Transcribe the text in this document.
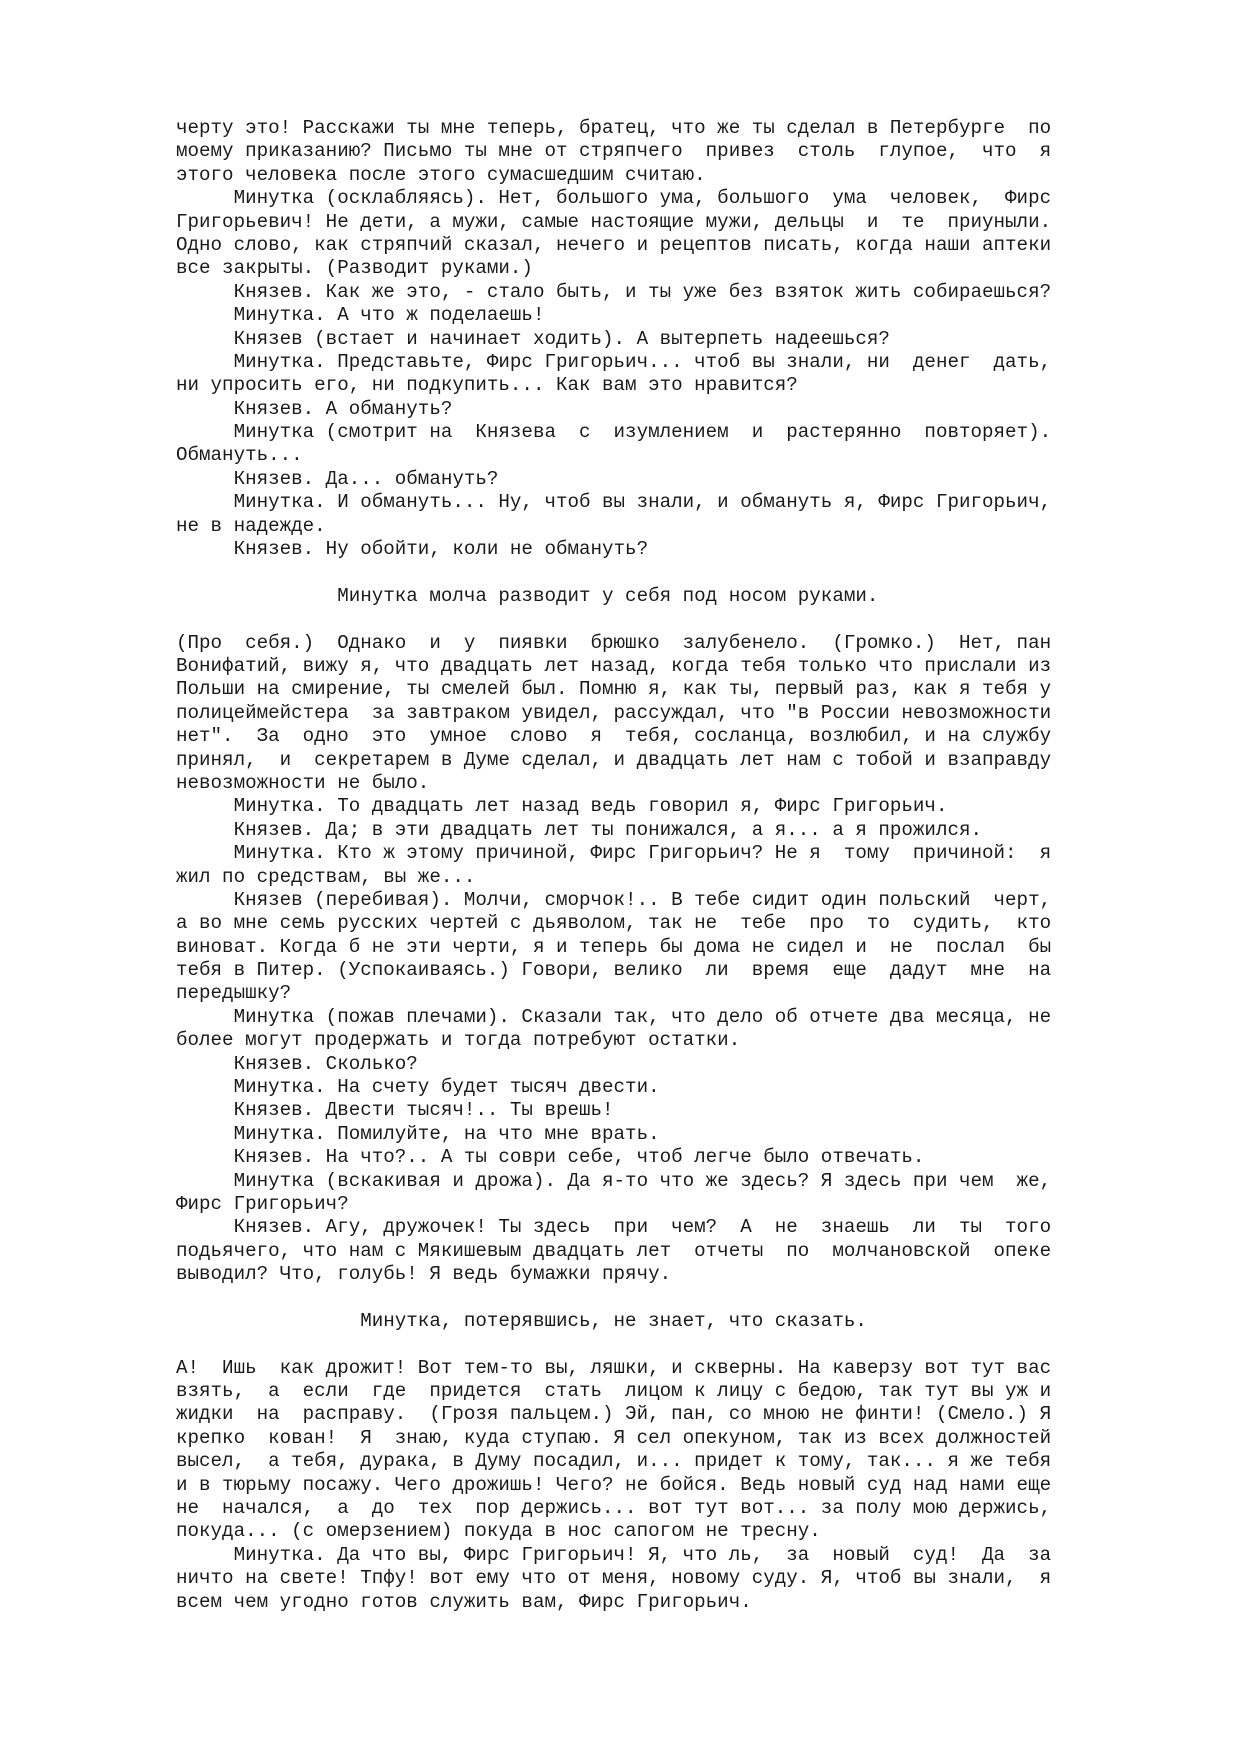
черту это! Расскажи ты мне теперь, братец, что же ты сделал в Петербурге  по
моему приказанию? Письмо ты мне от стряпчего  привез  столь  глупое,  что  я
этого человека после этого сумасшедшим считаю.
Минутка (осклабляясь). Нет, большого ума, большого  ума  человек,  Фирс
Григорьевич! Не дети, а мужи, самые настоящие мужи, дельцы  и  те  приуныли.
Одно слово, как стряпчий сказал, нечего и рецептов писать, когда наши аптеки
все закрыты. (Разводит руками.)
Князев. Как же это, - стало быть, и ты уже без взяток жить собираешься?
Минутка. А что ж поделаешь!
Князев (встает и начинает ходить). А вытерпеть надеешься?
Минутка. Представьте, Фирс Григорьич... чтоб вы знали, ни  денег  дать,
ни упросить его, ни подкупить... Как вам это нравится?
Князев. А обмануть?
Минутка (смотрит на  Князева  с  изумлением  и  растерянно  повторяет).
Обмануть...
Князев. Да... обмануть?
Минутка. И обмануть... Ну, чтоб вы знали, и обмануть я, Фирс Григорьич,
не в надежде.
Князев. Ну обойти, коли не обмануть?
Минутка молча разводит у себя под носом руками.
(Про  себя.)  Однако  и  у  пиявки  брюшко  залубенело.  (Громко.)  Нет, пан
Вонифатий, вижу я, что двадцать лет назад, когда тебя только что прислали из
Польши на смирение, ты смелей был. Помню я, как ты, первый раз, как я тебя у
полицеймейстера  за завтраком увидел, рассуждал, что "в России невозможности
нет".  За  одно  это  умное  слово  я  тебя, сосланца, возлюбил, и на службу
принял,  и  секретарем в Думе сделал, и двадцать лет нам с тобой и взаправду
невозможности не было.
Минутка. То двадцать лет назад ведь говорил я, Фирс Григорьич.
Князев. Да; в эти двадцать лет ты понижался, а я... а я прожился.
Минутка. Кто ж этому причиной, Фирс Григорьич? Не я  тому  причиной:  я
жил по средствам, вы же...
Князев (перебивая). Молчи, сморчок!.. В тебе сидит один польский  черт,
а во мне семь русских чертей с дьяволом, так не  тебе  про  то  судить,  кто
виноват. Когда б не эти черти, я и теперь бы дома не сидел и  не  послал  бы
тебя в Питер. (Успокаиваясь.) Говори, велико  ли  время  еще  дадут  мне  на
передышку?
Минутка (пожав плечами). Сказали так, что дело об отчете два месяца, не
более могут продержать и тогда потребуют остатки.
Князев. Сколько?
Минутка. На счету будет тысяч двести.
Князев. Двести тысяч!.. Ты врешь!
Минутка. Помилуйте, на что мне врать.
Князев. На что?.. А ты соври себе, чтоб легче было отвечать.
Минутка (вскакивая и дрожа). Да я-то что же здесь? Я здесь при чем  же,
Фирс Григорьич?
Князев. Агу, дружочек! Ты здесь  при  чем?  А  не  знаешь  ли  ты  того
подьячего, что нам с Мякишевым двадцать лет  отчеты  по  молчановской  опеке
выводил? Что, голубь! Я ведь бумажки прячу.
Минутка, потерявшись, не знает, что сказать.
А!  Ишь  как дрожит! Вот тем-то вы, ляшки, и скверны. На каверзу вот тут вас
взять,  а  если  где  придется  стать  лицом к лицу с бедою, так тут вы уж и
жидки  на  расправу.  (Грозя пальцем.) Эй, пан, со мною не финти! (Смело.) Я
крепко  кован!  Я  знаю, куда ступаю. Я сел опекуном, так из всех должностей
высел,  а тебя, дурака, в Думу посадил, и... придет к тому, так... я же тебя
и в тюрьму посажу. Чего дрожишь! Чего? не бойся. Ведь новый суд над нами еще
не  начался,  а  до  тех  пор держись... вот тут вот... за полу мою держись,
покуда... (с омерзением) покуда в нос сапогом не тресну.
Минутка. Да что вы, Фирс Григорьич! Я, что ль,  за  новый  суд!  Да  за
ничто на свете! Тпфу! вот ему что от меня, новому суду. Я, чтоб вы знали,  я
всем чем угодно готов служить вам, Фирс Григорьич.
